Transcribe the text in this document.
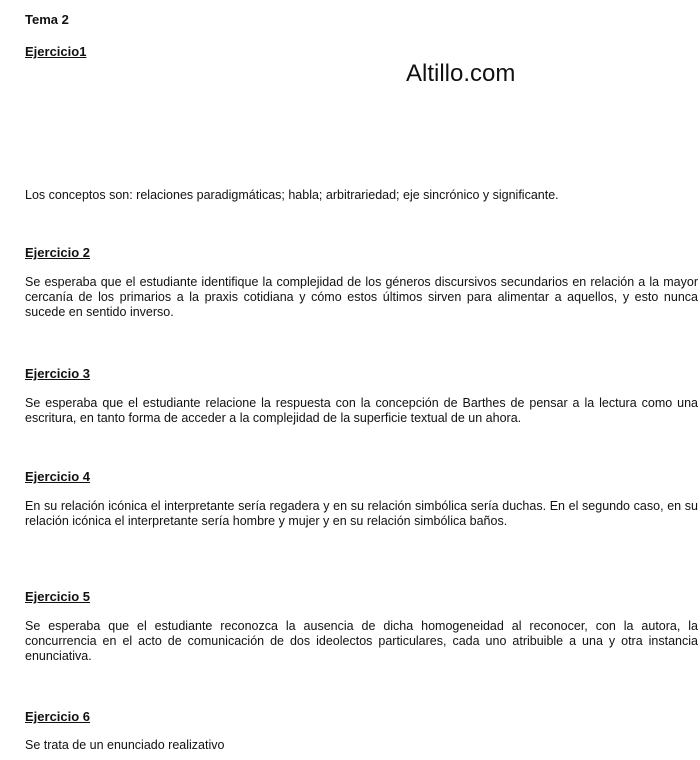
Tema 2
Ejercicio1
Altillo.com
Los conceptos son: relaciones paradigmáticas; habla; arbitrariedad; eje sincrónico y significante.
Ejercicio 2
Se esperaba que el estudiante identifique la complejidad de los géneros discursivos secundarios en relación a la mayor cercanía de los primarios a la praxis cotidiana y cómo estos últimos sirven para alimentar a aquellos, y esto nunca sucede en sentido inverso.
Ejercicio 3
Se esperaba que el estudiante relacione la respuesta con la concepción de Barthes de pensar a la lectura como una escritura, en tanto forma de acceder a la complejidad de la superficie textual de un ahora.
Ejercicio 4
En su relación icónica el interpretante sería regadera y en su relación simbólica sería duchas. En el segundo caso, en su relación icónica el interpretante sería hombre y mujer y en su relación simbólica baños.
Ejercicio 5
Se esperaba que el estudiante reconozca la ausencia de dicha homogeneidad al reconocer, con la autora, la concurrencia en el acto de comunicación de dos ideolectos particulares, cada uno atribuible a una y otra instancia enunciativa.
Ejercicio 6
Se trata de un enunciado realizativo
